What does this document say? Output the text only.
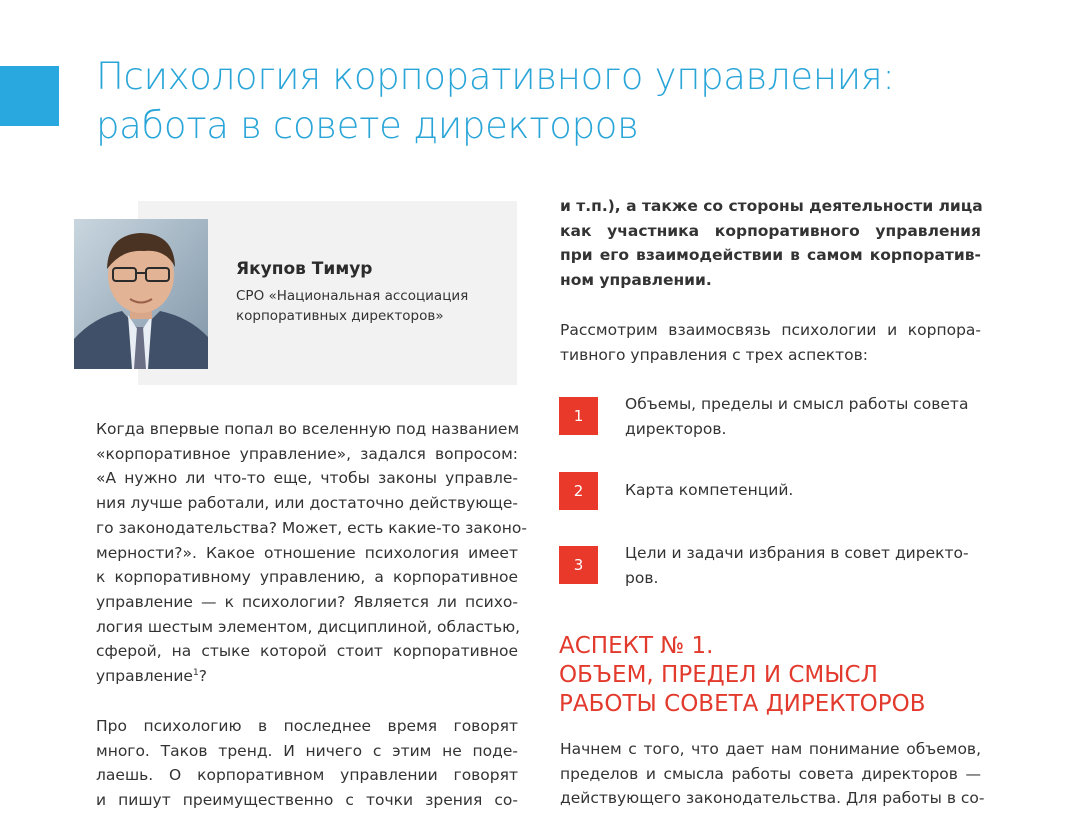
Психология корпоративного управления:
работа в совете директоров
Якупов Тимур
СРО «Национальная ассоциация
корпоративных директоров»
Когда впервые попал во вселенную под названием
«корпоративное управление», задался вопросом:
«А нужно ли что-то еще, чтобы законы управле-
ния лучше работали, или достаточно действующе-
го законодательства? Может, есть какие-то законо-
мерности?». Какое отношение психология имеет
к корпоративному управлению, а корпоративное
управление — к психологии? Является ли психо-
логия шестым элементом, дисциплиной, областью,
сферой, на стыке которой стоит корпоративное
управление$^1$?
Про психологию в последнее время говорят
много. Таков тренд. И ничего с этим не поде-
лаешь. О корпоративном управлении говорят
и пишут преимущественно с точки зрения со-
и т.п.), а также со стороны деятельности лица
как участника корпоративного управления
при его взаимодействии в самом корпоратив-
ном управлении.
Рассмотрим взаимосвязь психологии и корпора-
тивного управления с трех аспектов:
1
Объемы, пределы и смысл работы совета
директоров.
2	Карта компетенций.
3
Цели и задачи избрания в совет директо-
ров.
АСПЕКТ № 1.
ОБЪЕМ, ПРЕДЕЛ И СМЫСЛ
РАБОТЫ СОВЕТА ДИРЕКТОРОВ
Начнем с того, что дает нам понимание объемов,
пределов и смысла работы совета директоров —
действующего законодательства. Для работы в со-
